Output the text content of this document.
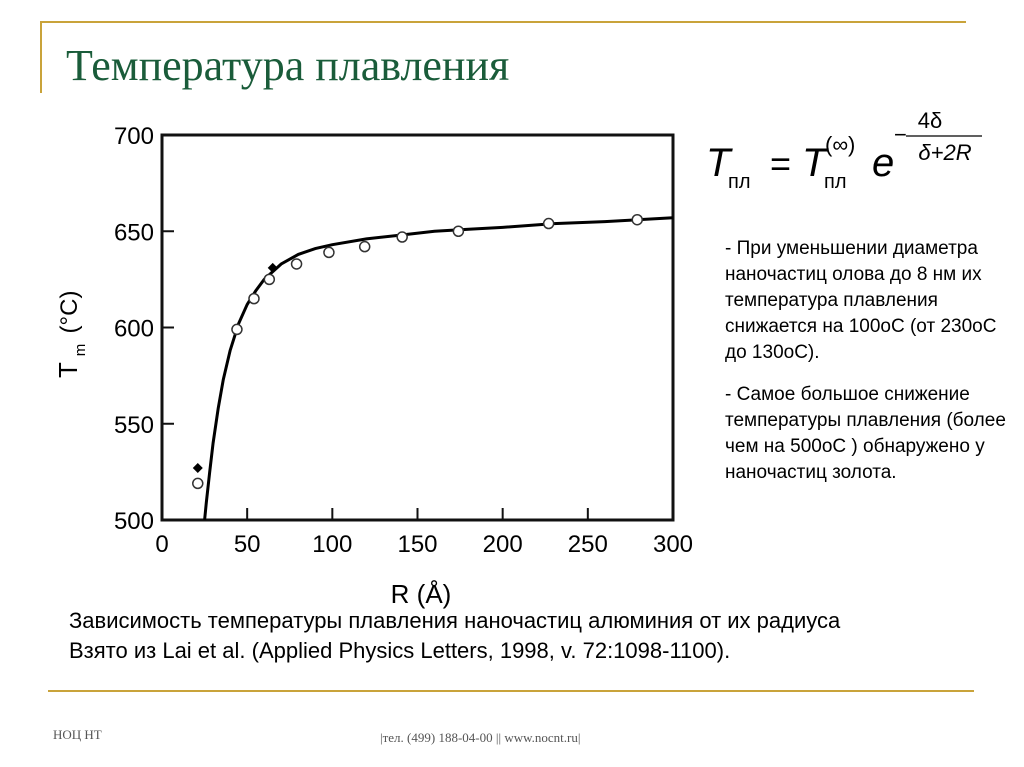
Температура плавления
T
m
(°C)
R (Å)
0	50 100 150 200 250 300
500
550
600
650
700
T
пл = T
пл
(∞) e
−
4δ
δ+2R

- При уменьшении диаметра наночастиц олова до 8 нм их температура плавления снижается на 100оС (от 230оС до 130оС).

- Самое большое снижение температуры плавления (более чем на 500оС ) обнаружено у наночастиц золота.

Зависимость температуры плавления наночастиц алюминия от их радиуса
Взято из Lai et al. (Applied Physics Letters, 1998, v. 72:1098-1100).
НОЦ НТ	|тел. (499) 188-04-00 || www.nocnt.ru|
